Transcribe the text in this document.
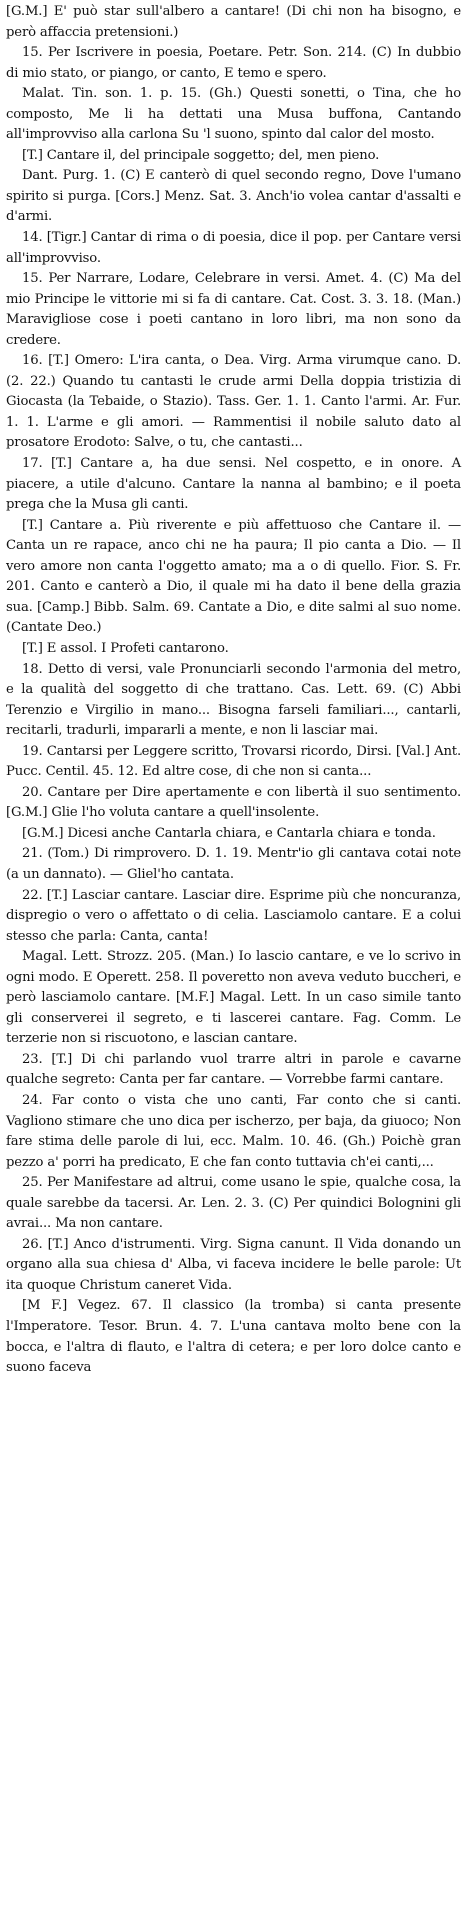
[G.M.] E' può star sull'albero a cantare! (Di chi non ha bisogno, e però affaccia pretensioni.)

15. Per Iscrivere in poesia, Poetare. Petr. Son. 214. (C) In dubbio di mio stato, or piango, or canto, E temo e spero.

Malat. Tin. son. 1. p. 15. (Gh.) Questi sonetti, o Tina, che ho composto, Me li ha dettati una Musa buffona, Cantando all'improvviso alla carlona Su 'l suono, spinto dal calor del mosto.

[T.] Cantare il, del principale soggetto; del, men pieno.

Dant. Purg. 1. (C) E canterò di quel secondo regno, Dove l'umano spirito si purga. [Cors.] Menz. Sat. 3. Anch'io volea cantar d'assalti e d'armi.

14. [Tigr.] Cantar di rima o di poesia, dice il pop. per Cantare versi all'improvviso.

15. Per Narrare, Lodare, Celebrare in versi. Amet. 4. (C) Ma del mio Principe le vittorie mi si fa di cantare. Cat. Cost. 3. 3. 18. (Man.) Maravigliose cose i poeti cantano in loro libri, ma non sono da credere.

16. [T.] Omero: L'ira canta, o Dea. Virg. Arma virumque cano. D. (2. 22.) Quando tu cantasti le crude armi Della doppia tristizia di Giocasta (la Tebaide, o Stazio). Tass. Ger. 1. 1. Canto l'armi. Ar. Fur. 1. 1. L'arme e gli amori. — Rammentisi il nobile saluto dato al prosatore Erodoto: Salve, o tu, che cantasti...

17. [T.] Cantare a, ha due sensi. Nel cospetto, e in onore. A piacere, a utile d'alcuno. Cantare la nanna al bambino; e il poeta prega che la Musa gli canti.

[T.] Cantare a. Più riverente e più affettuoso che Cantare il. — Canta un re rapace, anco chi ne ha paura; Il pio canta a Dio. — Il vero amore non canta l'oggetto amato; ma a o di quello. Fior. S. Fr. 201. Canto e canterò a Dio, il quale mi ha dato il bene della grazia sua. [Camp.] Bibb. Salm. 69. Cantate a Dio, e dite salmi al suo nome. (Cantate Deo.)

[T.] E assol. I Profeti cantarono.

18. Detto di versi, vale Pronunciarli secondo l'armonia del metro, e la qualità del soggetto di che trattano. Cas. Lett. 69. (C) Abbi Terenzio e Virgilio in mano... Bisogna farseli familiari..., cantarli, recitarli, tradurli, impararli a mente, e non li lasciar mai.

19. Cantarsi per Leggere scritto, Trovarsi ricordo, Dirsi. [Val.] Ant. Pucc. Centil. 45. 12. Ed altre cose, di che non si canta...

20. Cantare per Dire apertamente e con libertà il suo sentimento. [G.M.] Glie l'ho voluta cantare a quell'insolente.

[G.M.] Dicesi anche Cantarla chiara, e Cantarla chiara e tonda.

21. (Tom.) Di rimprovero. D. 1. 19. Mentr'io gli cantava cotai note (a un dannato). — Gliel'ho cantata.

22. [T.] Lasciar cantare. Lasciar dire. Esprime più che noncuranza, dispregio o vero o affettato o di celia. Lasciamolo cantare. E a colui stesso che parla: Canta, canta!

Magal. Lett. Strozz. 205. (Man.) Io lascio cantare, e ve lo scrivo in ogni modo. E Operett. 258. Il poveretto non aveva veduto buccheri, e però lasciamolo cantare. [M.F.] Magal. Lett. In un caso simile tanto gli conserverei il segreto, e ti lascerei cantare. Fag. Comm. Le terzerie non si riscuotono, e lascian cantare.

23. [T.] Di chi parlando vuol trarre altri in parole e cavarne qualche segreto: Canta per far cantare. — Vorrebbe farmi cantare.

24. Far conto o vista che uno canti, Far conto che si canti. Vagliono stimare che uno dica per ischerzo, per baja, da giuoco; Non fare stima delle parole di lui, ecc. Malm. 10. 46. (Gh.) Poichè gran pezzo a' porri ha predicato, E che fan conto tuttavia ch'ei canti,...

25. Per Manifestare ad altrui, come usano le spie, qualche cosa, la quale sarebbe da tacersi. Ar. Len. 2. 3. (C) Per quindici Bolognini gli avrai... Ma non cantare.

26. [T.] Anco d'istrumenti. Virg. Signa canunt. Il Vida donando un organo alla sua chiesa d' Alba, vi faceva incidere le belle parole: Ut ita quoque Christum caneret Vida.

[M F.] Vegez. 67. Il classico (la tromba) si canta presente l'Imperatore. Tesor. Brun. 4. 7. L'una cantava molto bene con la bocca, e l'altra di flauto, e l'altra di cetera; e per loro dolce canto e suono faceva
